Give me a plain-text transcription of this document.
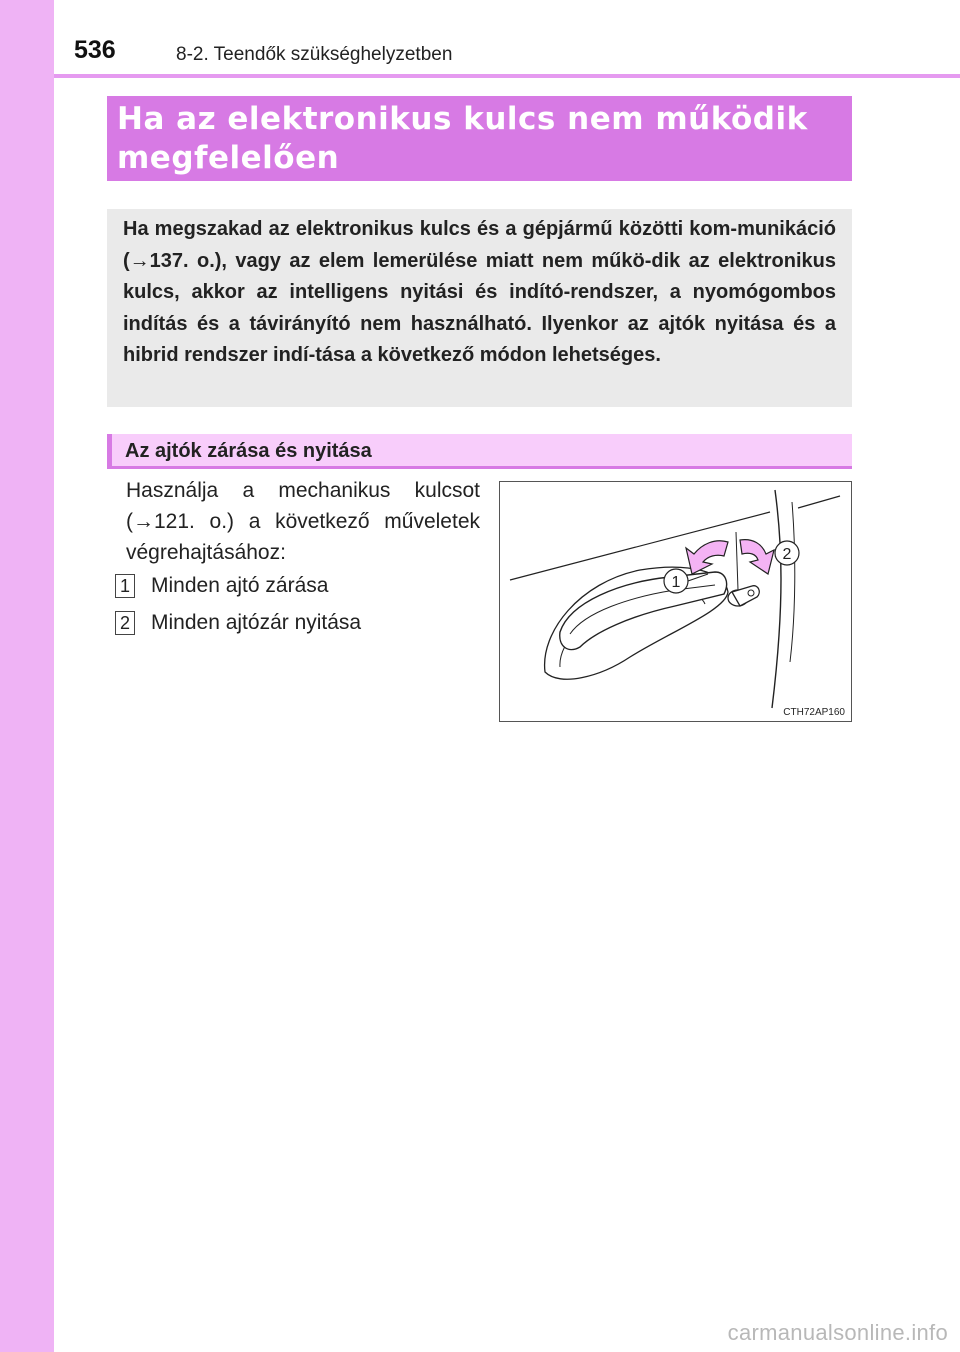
536	8-2. Teendők szükséghelyzetben
Ha az elektronikus kulcs nem működik megfelelően

Ha megszakad az elektronikus kulcs és a gépjármű közötti kom-munikáció (→137. o.), vagy az elem lemerülése miatt nem műkö-dik az elektronikus kulcs, akkor az intelligens nyitási és indító-rendszer, a nyomógombos indítás és a távirányító nem használható. Ilyenkor az ajtók nyitása és a hibrid rendszer indí-tása a következő módon lehetséges.

Az ajtók zárása és nyitása

Használja a mechanikus kulcsot (→121. o.) a következő műveletek végrehajtásához:

1 Minden ajtó zárása
2 Minden ajtózár nyitása
1
2
CTH72AP160
carmanualsonline.info
